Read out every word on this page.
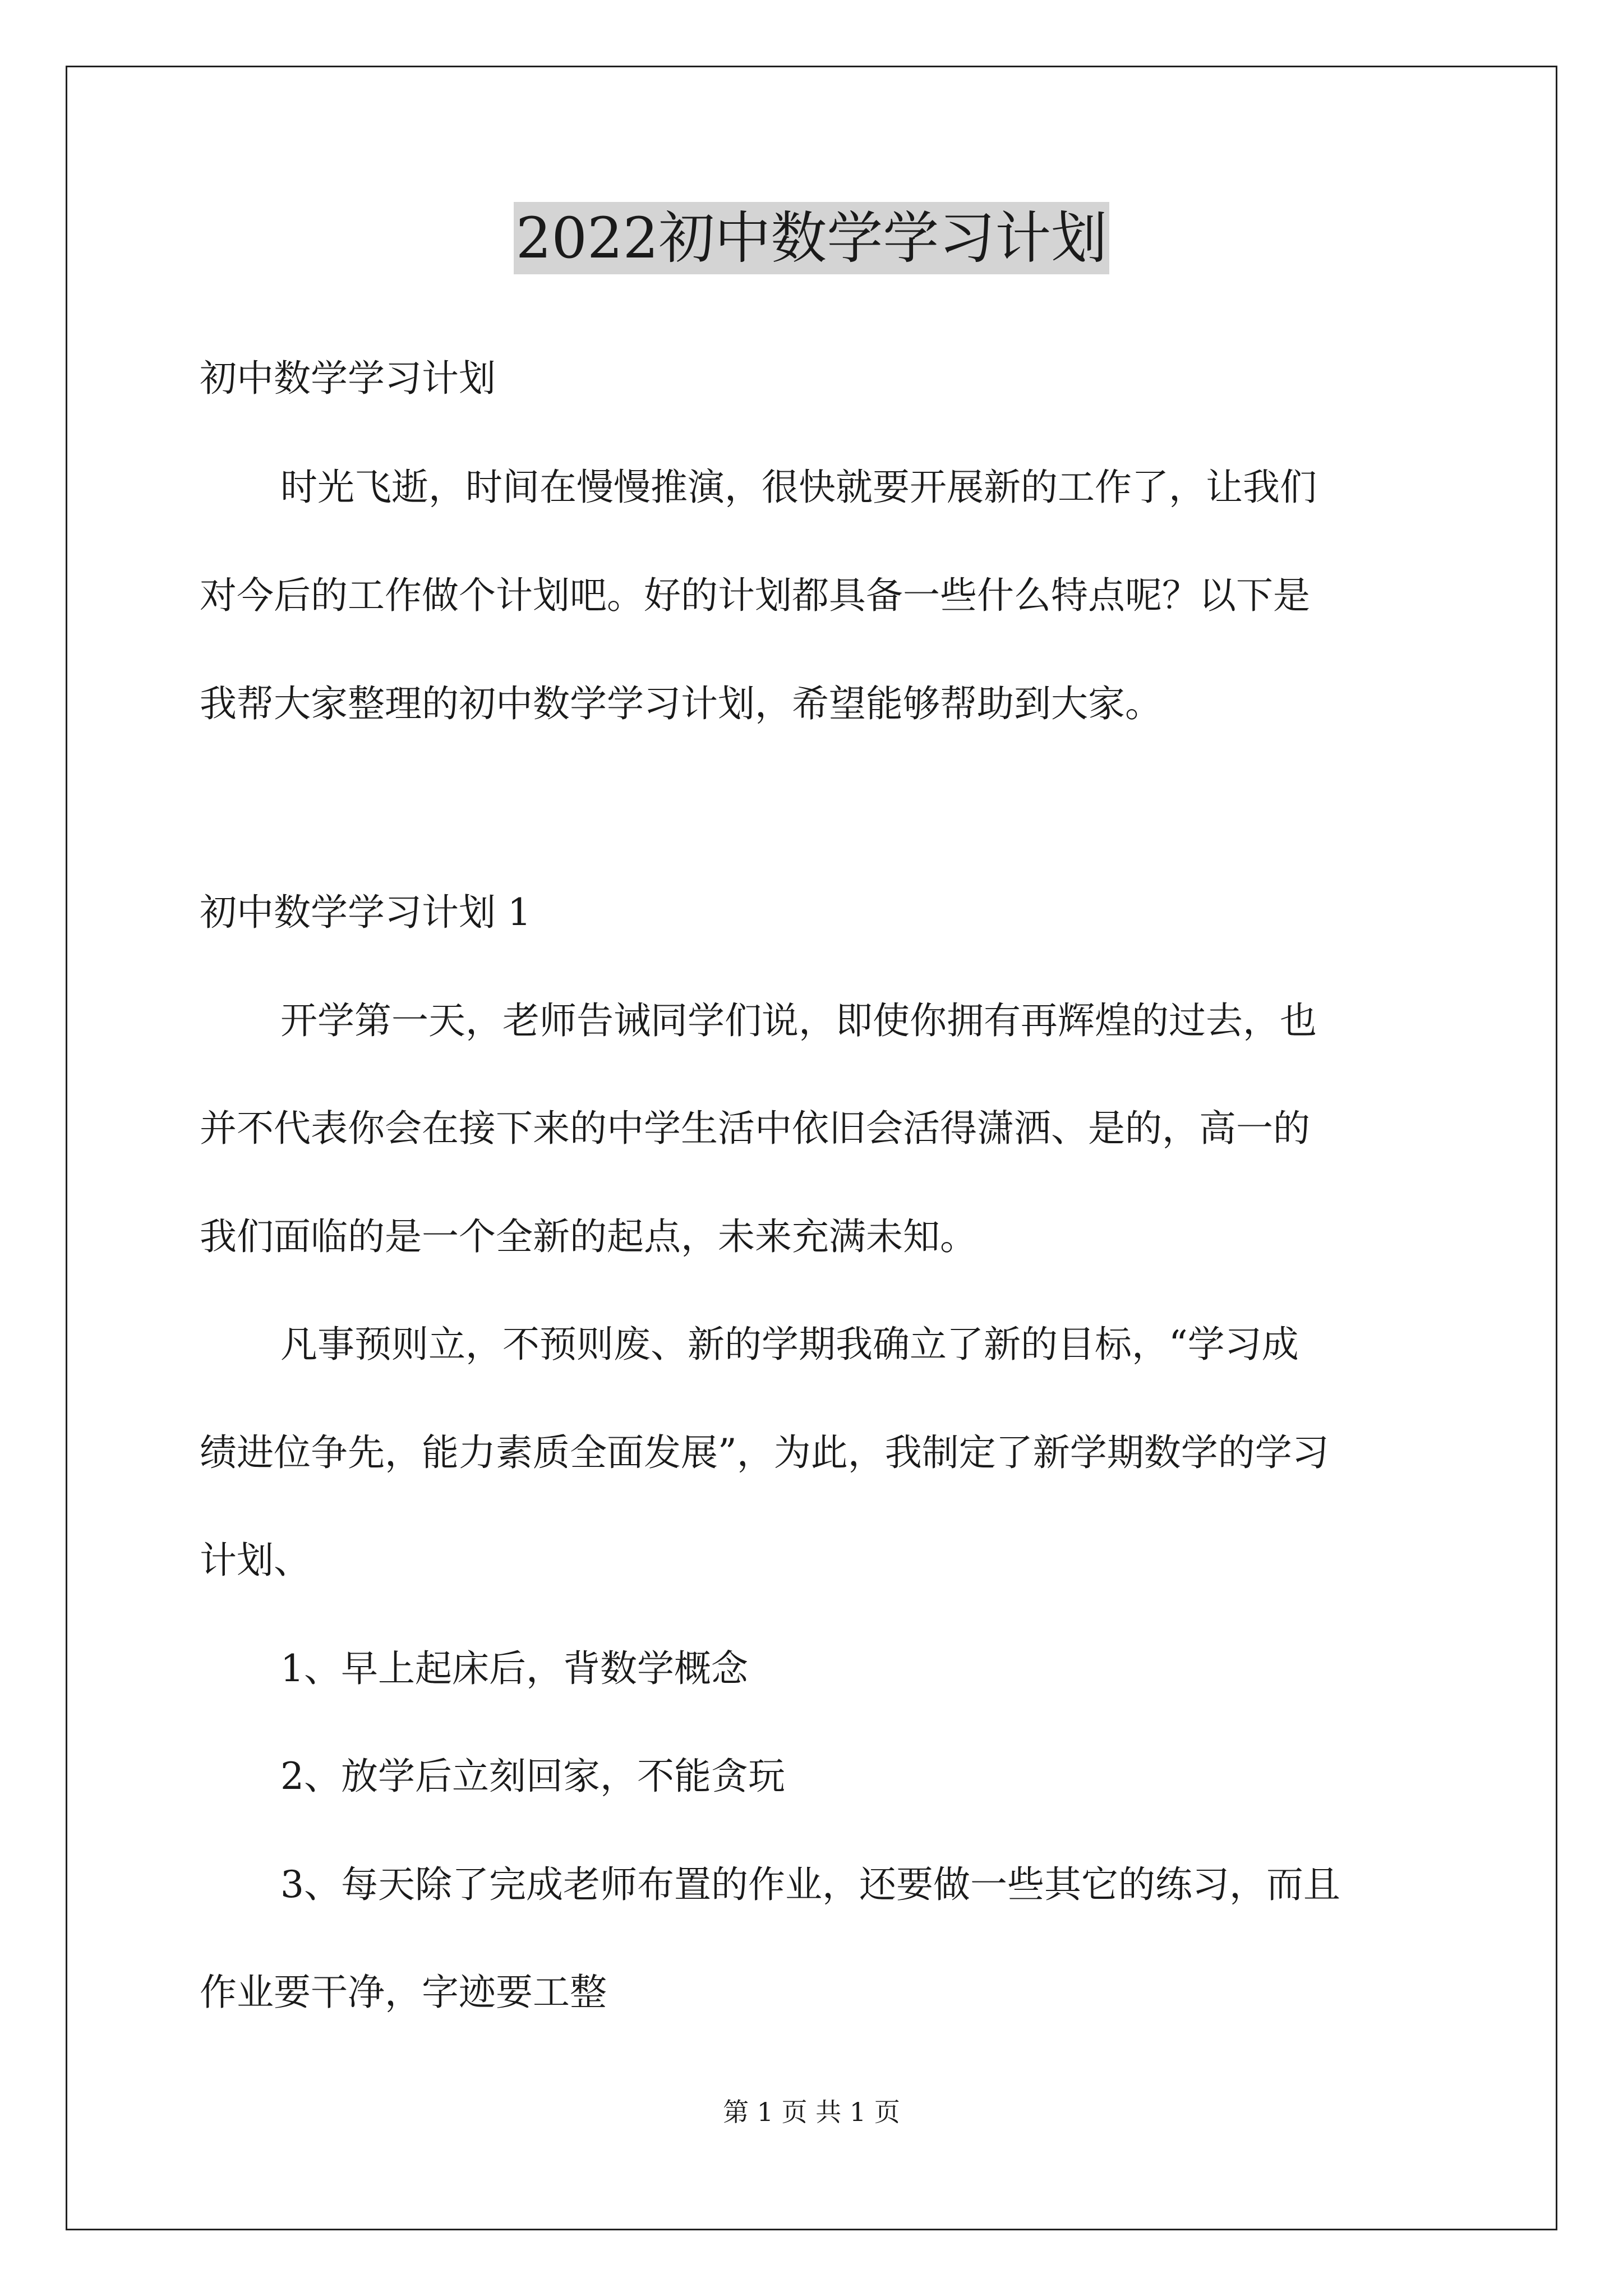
2022初中数学学习计划
初中数学学习计划
时光飞逝，时间在慢慢推演，很快就要开展新的工作了，让我们
对今后的工作做个计划吧。好的计划都具备一些什么特点呢？以下是
我帮大家整理的初中数学学习计划，希望能够帮助到大家。
初中数学学习计划 1
开学第一天，老师告诫同学们说，即使你拥有再辉煌的过去，也
并不代表你会在接下来的中学生活中依旧会活得潇洒、是的，高一的
我们面临的是一个全新的起点，未来充满未知。
凡事预则立，不预则废、新的学期我确立了新的目标，“学习成
绩进位争先，能力素质全面发展”，为此，我制定了新学期数学的学习
计划、
1、早上起床后，背数学概念
2、放学后立刻回家，不能贪玩
3、每天除了完成老师布置的作业，还要做一些其它的练习，而且
作业要干净，字迹要工整
第 1 页 共 1 页
